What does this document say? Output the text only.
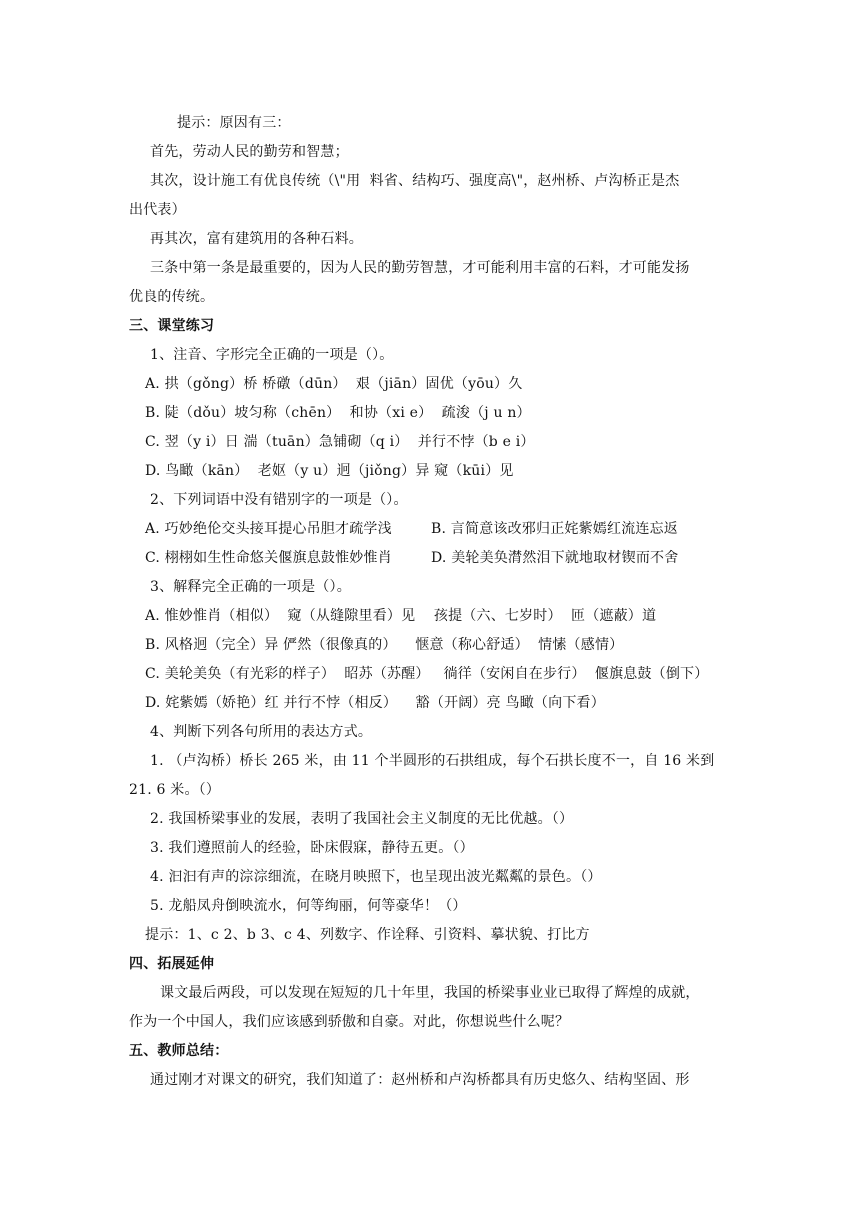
提示：原因有三：
首先，劳动人民的勤劳和智慧；
其次，设计施工有优良传统（\"用  料省、结构巧、强度高\"，赵州桥、卢沟桥正是杰
出代表）
再其次，富有建筑用的各种石料。
三条中第一条是最重要的，因为人民的勤劳智慧，才可能利用丰富的石料，才可能发扬
优良的传统。
三、课堂练习
1、注音、字形完全正确的一项是（）。
A. 拱（gǒng）桥 桥礅（dūn）  艰（jiān）固优（yōu）久
B. 陡（dǒu）坡匀称（chēn）  和协（xi e）  疏浚（j u n）
C. 翌（y i）日 湍（tuān）急铺砌（q i）  并行不悖（b e i）
D. 鸟瞰（kān）  老妪（y u）迥（jiǒng）异 窥（kūi）见
2、下列词语中没有错别字的一项是（）。
A. 巧妙绝伦交头接耳提心吊胆才疏学浅	B. 言简意该改邪归正姹紫嫣红流连忘返
C. 栩栩如生性命悠关偃旗息鼓惟妙惟肖	D. 美轮美奂潸然泪下就地取材锲而不舍
3、解释完全正确的一项是（）。
A. 惟妙惟肖（相似）  窥（从缝隙里看）见    孩提（六、七岁时）  匝（遮蔽）道
B. 风格迥（完全）异 俨然（很像真的）    惬意（称心舒适）  情愫（感情）
C. 美轮美奂（有光彩的样子）  昭苏（苏醒）   徜徉（安闲自在步行）  偃旗息鼓（倒下）
D. 姹紫嫣（娇艳）红 并行不悖（相反）    豁（开阔）亮 鸟瞰（向下看）
4、判断下列各句所用的表达方式。
1. （卢沟桥）桥长 265 米，由 11 个半圆形的石拱组成，每个石拱长度不一，自 16 米到
21. 6 米。（）
2. 我国桥梁事业的发展，表明了我国社会主义制度的无比优越。（）
3. 我们遵照前人的经验，卧床假寐，静待五更。（）
4. 汩汩有声的淙淙细流，在晓月映照下，也呈现出波光粼粼的景色。（）
5. 龙船凤舟倒映流水，何等绚丽，何等豪华！（）
提示：1、c 2、b 3、c 4、列数字、作诠释、引资料、摹状貌、打比方
四、拓展延伸
课文最后两段，可以发现在短短的几十年里，我国的桥梁事业业已取得了辉煌的成就，
作为一个中国人，我们应该感到骄傲和自豪。对此，你想说些什么呢？
五、教师总结：
通过刚才对课文的研究，我们知道了：赵州桥和卢沟桥都具有历史悠久、结构坚固、形
